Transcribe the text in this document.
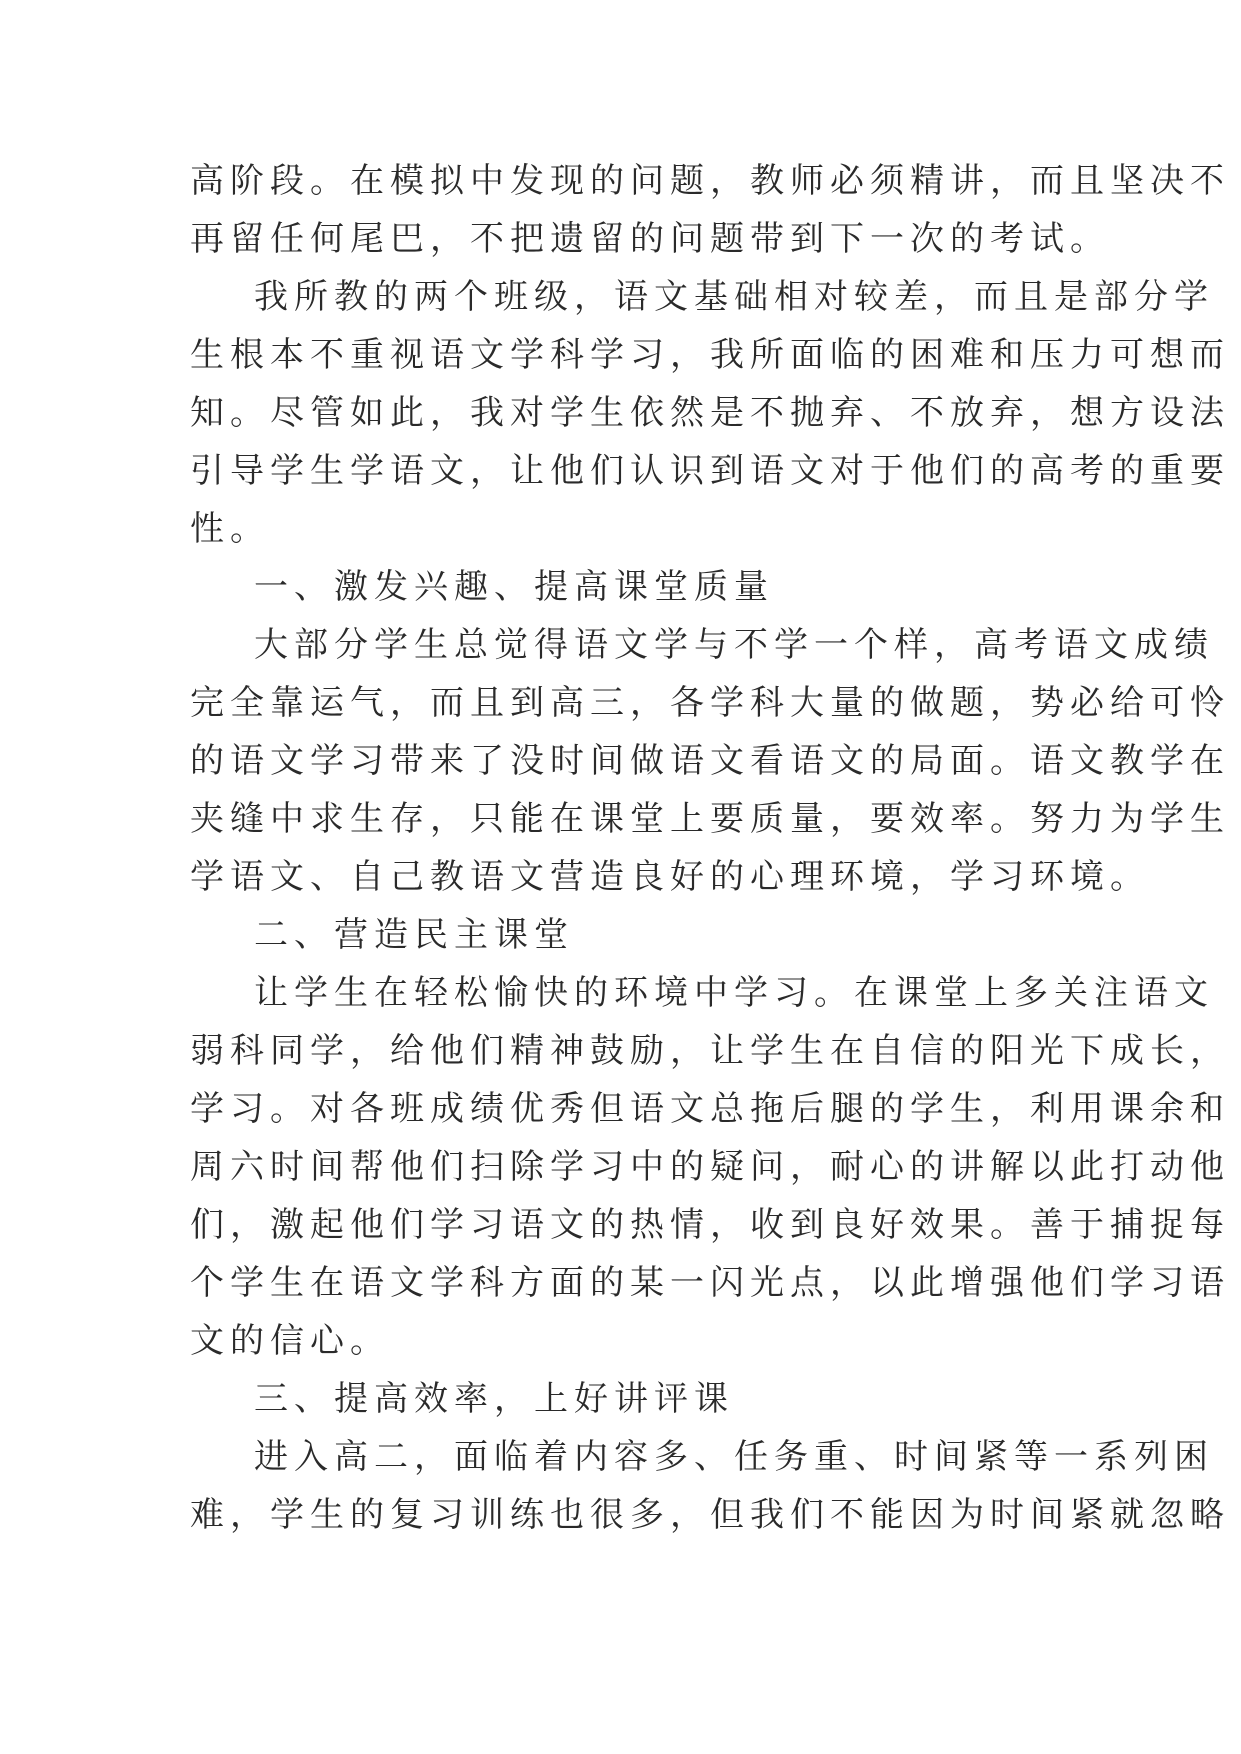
高阶段。在模拟中发现的问题，教师必须精讲，而且坚决不
再留任何尾巴，不把遗留的问题带到下一次的考试。
我所教的两个班级，语文基础相对较差，而且是部分学
生根本不重视语文学科学习，我所面临的困难和压力可想而
知。尽管如此，我对学生依然是不抛弃、不放弃，想方设法
引导学生学语文，让他们认识到语文对于他们的高考的重要
性。
一、激发兴趣、提高课堂质量
大部分学生总觉得语文学与不学一个样，高考语文成绩
完全靠运气，而且到高三，各学科大量的做题，势必给可怜
的语文学习带来了没时间做语文看语文的局面。语文教学在
夹缝中求生存，只能在课堂上要质量，要效率。努力为学生
学语文、自己教语文营造良好的心理环境，学习环境。
二、营造民主课堂
让学生在轻松愉快的环境中学习。在课堂上多关注语文
弱科同学，给他们精神鼓励，让学生在自信的阳光下成长，
学习。对各班成绩优秀但语文总拖后腿的学生，利用课余和
周六时间帮他们扫除学习中的疑问，耐心的讲解以此打动他
们，激起他们学习语文的热情，收到良好效果。善于捕捉每
个学生在语文学科方面的某一闪光点，以此增强他们学习语
文的信心。
三、提高效率，上好讲评课
进入高二，面临着内容多、任务重、时间紧等一系列困
难，学生的复习训练也很多，但我们不能因为时间紧就忽略
